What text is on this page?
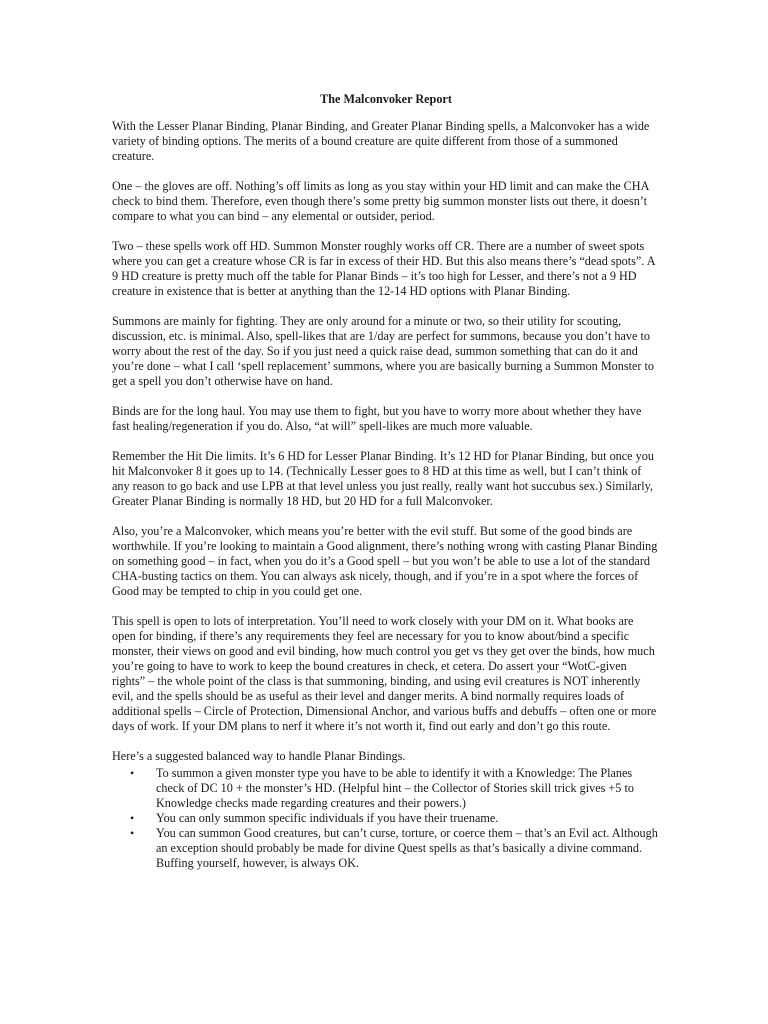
The Malconvoker Report

With the Lesser Planar Binding, Planar Binding, and Greater Planar Binding spells, a Malconvoker has a wide variety of binding options. The merits of a bound creature are quite different from those of a summoned creature.

One – the gloves are off. Nothing’s off limits as long as you stay within your HD limit and can make the CHA check to bind them. Therefore, even though there’s some pretty big summon monster lists out there, it doesn’t compare to what you can bind – any elemental or outsider, period.

Two – these spells work off HD. Summon Monster roughly works off CR. There are a number of sweet spots where you can get a creature whose CR is far in excess of their HD. But this also means there’s “dead spots”. A 9 HD creature is pretty much off the table for Planar Binds – it’s too high for Lesser, and there’s not a 9 HD creature in existence that is better at anything than the 12-14 HD options with Planar Binding.

Summons are mainly for fighting. They are only around for a minute or two, so their utility for scouting, discussion, etc. is minimal. Also, spell-likes that are 1/day are perfect for summons, because you don’t have to worry about the rest of the day. So if you just need a quick raise dead, summon something that can do it and you’re done – what I call ‘spell replacement’ summons, where you are basically burning a Summon Monster to get a spell you don’t otherwise have on hand.

Binds are for the long haul. You may use them to fight, but you have to worry more about whether they have fast healing/regeneration if you do. Also, “at will” spell-likes are much more valuable.

Remember the Hit Die limits. It’s 6 HD for Lesser Planar Binding. It’s 12 HD for Planar Binding, but once you hit Malconvoker 8 it goes up to 14. (Technically Lesser goes to 8 HD at this time as well, but I can’t think of any reason to go back and use LPB at that level unless you just really, really want hot succubus sex.) Similarly, Greater Planar Binding is normally 18 HD, but 20 HD for a full Malconvoker.

Also, you’re a Malconvoker, which means you’re better with the evil stuff. But some of the good binds are worthwhile. If you’re looking to maintain a Good alignment, there’s nothing wrong with casting Planar Binding on something good – in fact, when you do it’s a Good spell – but you won’t be able to use a lot of the standard CHA-busting tactics on them. You can always ask nicely, though, and if you’re in a spot where the forces of Good may be tempted to chip in you could get one.

This spell is open to lots of interpretation. You’ll need to work closely with your DM on it. What books are open for binding, if there’s any requirements they feel are necessary for you to know about/bind a specific monster, their views on good and evil binding, how much control you get vs they get over the binds, how much you’re going to have to work to keep the bound creatures in check, et cetera. Do assert your “WotC-given rights” – the whole point of the class is that summoning, binding, and using evil creatures is NOT inherently evil, and the spells should be as useful as their level and danger merits. A bind normally requires loads of additional spells – Circle of Protection, Dimensional Anchor, and various buffs and debuffs – often one or more days of work. If your DM plans to nerf it where it’s not worth it, find out early and don’t go this route.

Here’s a suggested balanced way to handle Planar Bindings.

• To summon a given monster type you have to be able to identify it with a Knowledge: The Planes check of DC 10 + the monster’s HD. (Helpful hint – the Collector of Stories skill trick gives +5 to Knowledge checks made regarding creatures and their powers.)
• You can only summon specific individuals if you have their truename.
• You can summon Good creatures, but can’t curse, torture, or coerce them – that’s an Evil act. Although an exception should probably be made for divine Quest spells as that’s basically a divine command. Buffing yourself, however, is always OK.
